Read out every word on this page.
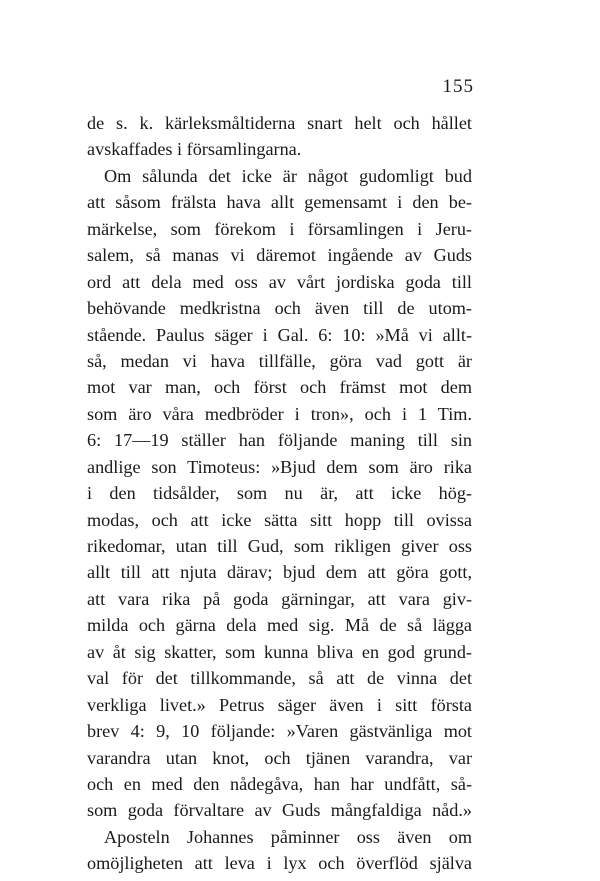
155
de s. k. kärleksmåltiderna snart helt och hållet
avskaffades i församlingarna.
Om sålunda det icke är något gudomligt bud
att såsom frälsta hava allt gemensamt i den be-
märkelse, som förekom i församlingen i Jeru-
salem, så manas vi däremot ingående av Guds
ord att dela med oss av vårt jordiska goda till
behövande medkristna och även till de utom-
stående. Paulus säger i Gal. 6: 10: »Må vi allt-
så, medan vi hava tillfälle, göra vad gott är
mot var man, och först och främst mot dem
som äro våra medbröder i tron», och i 1 Tim.
6: 17—19 ställer han följande maning till sin
andlige son Timoteus: »Bjud dem som äro rika
i den tidsålder, som nu är, att icke hög-
modas, och att icke sätta sitt hopp till ovissa
rikedomar, utan till Gud, som rikligen giver oss
allt till att njuta därav; bjud dem att göra gott,
att vara rika på goda gärningar, att vara giv-
milda och gärna dela med sig. Må de så lägga
av åt sig skatter, som kunna bliva en god grund-
val för det tillkommande, så att de vinna det
verkliga livet.» Petrus säger även i sitt första
brev 4: 9, 10 följande: »Varen gästvänliga mot
varandra utan knot, och tjänen varandra, var
och en med den nådegåva, han har undfått, så-
som goda förvaltare av Guds mångfaldiga nåd.»
Aposteln Johannes påminner oss även om
omöjligheten att leva i lyx och överflöd själva
